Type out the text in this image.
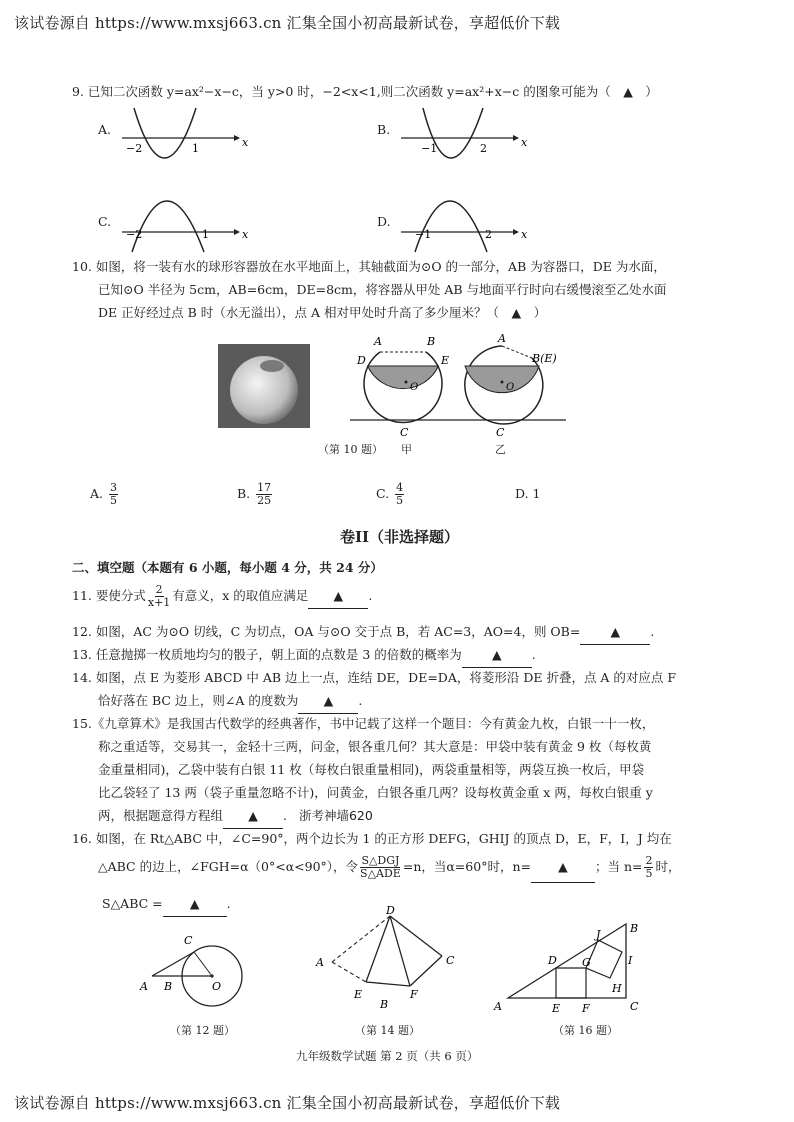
该试卷源自 https://www.mxsj663.cn 汇集全国小初高最新试卷，享超低价下载
9. 已知二次函数 y=ax²−x−c，当 y>0 时，−2<x<1,则二次函数 y=ax²+x−c 的图象可能为（　▲　）
A.
−2	1	x
B.
−1	2	x
C.
−2	1	x
D.
−1	2	x
10. 如图，将一装有水的球形容器放在水平地面上，其轴截面为⊙O 的一部分，AB 为容器口，DE 为水面，
已知⊙O 半径为 5cm，AB=6cm，DE=8cm，将容器从甲处 AB 与地面平行时向右缓慢滚至乙处水面
DE 正好经过点 B 时（水无溢出），点 A 相对甲处时升高了多少厘米？（　▲　）
A	B
D	E
O
C
A
B(E)
O
C
（第 10 题） 甲	乙
A. $\frac{3}{5}$	B. $\frac{17}{25}$	C. $\frac{4}{5}$	D. 1
卷II（非选择题）
二、填空题（本题有 6 小题，每小题 4 分，共 24 分）
11. 要使分式 $\frac{2}{x+1}$ 有意义，x 的取值应满足 ▲ .
12. 如图，AC 为⊙O 切线，C 为切点，OA 与⊙O 交于点 B，若 AC=3，AO=4，则 OB= ▲ .
13. 任意抛掷一枚质地均匀的骰子，朝上面的点数是 3 的倍数的概率为 ▲ .
14. 如图，点 E 为菱形 ABCD 中 AB 边上一点，连结 DE，DE=DA，将菱形沿 DE 折叠，点 A 的对应点 F
恰好落在 BC 边上，则∠A 的度数为 ▲ .
15.《九章算术》是我国古代数学的经典著作，书中记载了这样一个题目：今有黄金九枚，白银一十一枚，
称之重适等，交易其一，金轻十三两，问金，银各重几何？其大意是：甲袋中装有黄金 9 枚（每枚黄
金重量相同)，乙袋中装有白银 11 枚（每枚白银重量相同)，两袋重量相等，两袋互换一枚后，甲袋
比乙袋轻了 13 两（袋子重量忽略不计)，问黄金，白银各重几两？设每枚黄金重 x 两，每枚白银重 y
两，根据题意得方程组 ▲ . 浙考神墙620
16. 如图，在 Rt△ABC 中，∠C=90°，两个边长为 1 的正方形 DEFG，GHIJ 的顶点 D，E，F，I，J 均在
△ABC 的边上，∠FGH=α（0°<α<90°），令 $\frac{\text{S△DGJ}}{\text{S△ADE}} =n$，当α=60°时，n= ▲ ；当 $n= \frac{2}{5}$ 时，
S△ABC = ▲ .
C
A B	O
（第 12 题）
D
A	C
E
B
F
（第 14 题）
A
B
C
D
E F
G
H
I
J
（第 16 题）
九年级数学试题 第 2 页（共 6 页）
该试卷源自 https://www.mxsj663.cn 汇集全国小初高最新试卷，享超低价下载
